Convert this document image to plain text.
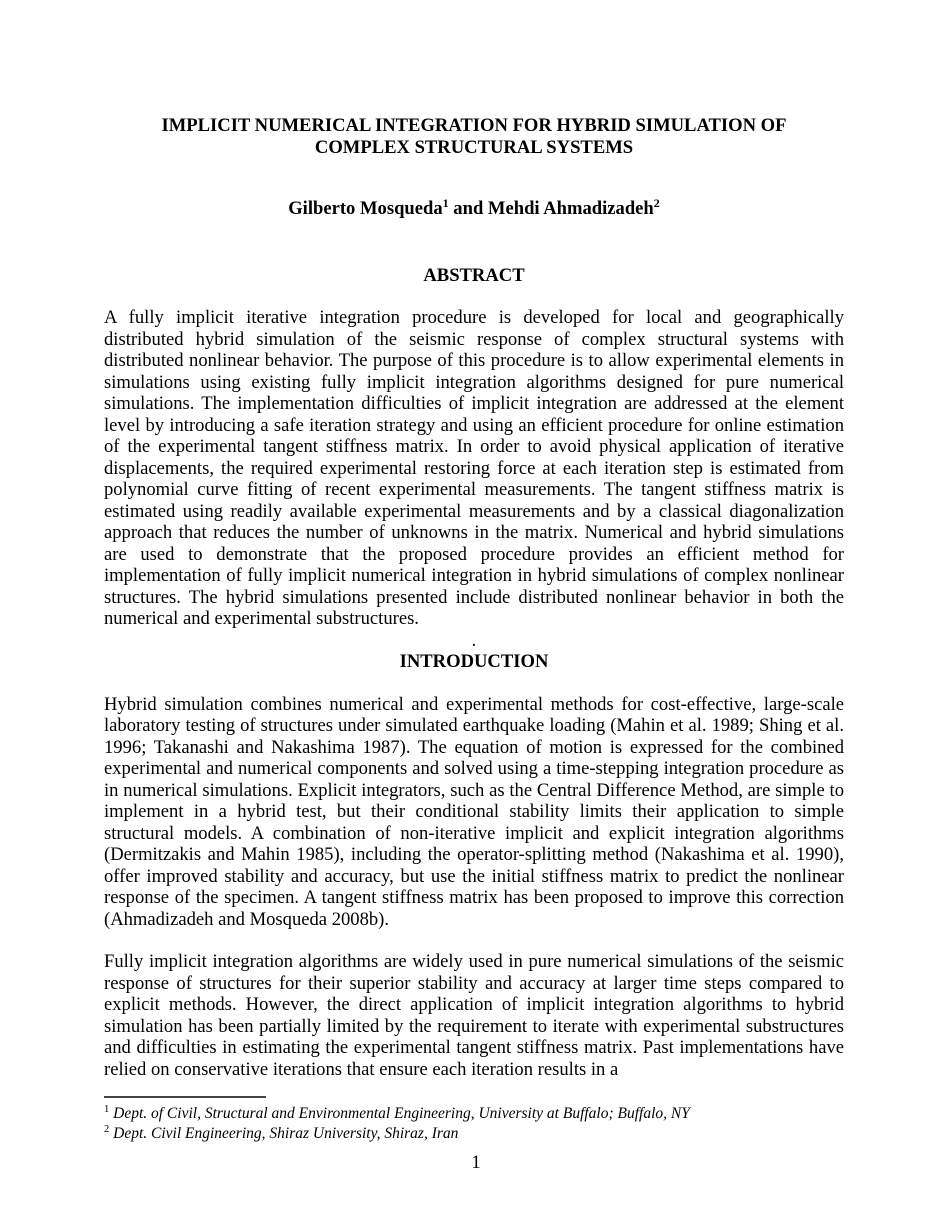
IMPLICIT NUMERICAL INTEGRATION FOR HYBRID SIMULATION OF
COMPLEX STRUCTURAL SYSTEMS
Gilberto Mosqueda$^1$ and Mehdi Ahmadizadeh$^2$
ABSTRACT

A fully implicit iterative integration procedure is developed for local and geographically distributed hybrid simulation of the seismic response of complex structural systems with distributed nonlinear behavior. The purpose of this procedure is to allow experimental elements in simulations using existing fully implicit integration algorithms designed for pure numerical simulations. The implementation difficulties of implicit integration are addressed at the element level by introducing a safe iteration strategy and using an efficient procedure for online estimation of the experimental tangent stiffness matrix. In order to avoid physical application of iterative displacements, the required experimental restoring force at each iteration step is estimated from polynomial curve fitting of recent experimental measurements. The tangent stiffness matrix is estimated using readily available experimental measurements and by a classical diagonalization approach that reduces the number of unknowns in the matrix. Numerical and hybrid simulations are used to demonstrate that the proposed procedure provides an efficient method for implementation of fully implicit numerical integration in hybrid simulations of complex nonlinear structures. The hybrid simulations presented include distributed nonlinear behavior in both the numerical and experimental substructures.

.
INTRODUCTION

Hybrid simulation combines numerical and experimental methods for cost-effective, large-scale laboratory testing of structures under simulated earthquake loading (Mahin et al. 1989; Shing et al. 1996; Takanashi and Nakashima 1987). The equation of motion is expressed for the combined experimental and numerical components and solved using a time-stepping integration procedure as in numerical simulations. Explicit integrators, such as the Central Difference Method, are simple to implement in a hybrid test, but their conditional stability limits their application to simple structural models. A combination of non-iterative implicit and explicit integration algorithms (Dermitzakis and Mahin 1985), including the operator-splitting method (Nakashima et al. 1990), offer improved stability and accuracy, but use the initial stiffness matrix to predict the nonlinear response of the specimen. A tangent stiffness matrix has been proposed to improve this correction (Ahmadizadeh and Mosqueda 2008b).

Fully implicit integration algorithms are widely used in pure numerical simulations of the seismic response of structures for their superior stability and accuracy at larger time steps compared to explicit methods. However, the direct application of implicit integration algorithms to hybrid simulation has been partially limited by the requirement to iterate with experimental substructures and difficulties in estimating the experimental tangent stiffness matrix. Past implementations have relied on conservative iterations that ensure each iteration results in a

$^1$ Dept. of Civil, Structural and Environmental Engineering, University at Buffalo; Buffalo, NY
$^2$ Dept. Civil Engineering, Shiraz University, Shiraz, Iran
1
